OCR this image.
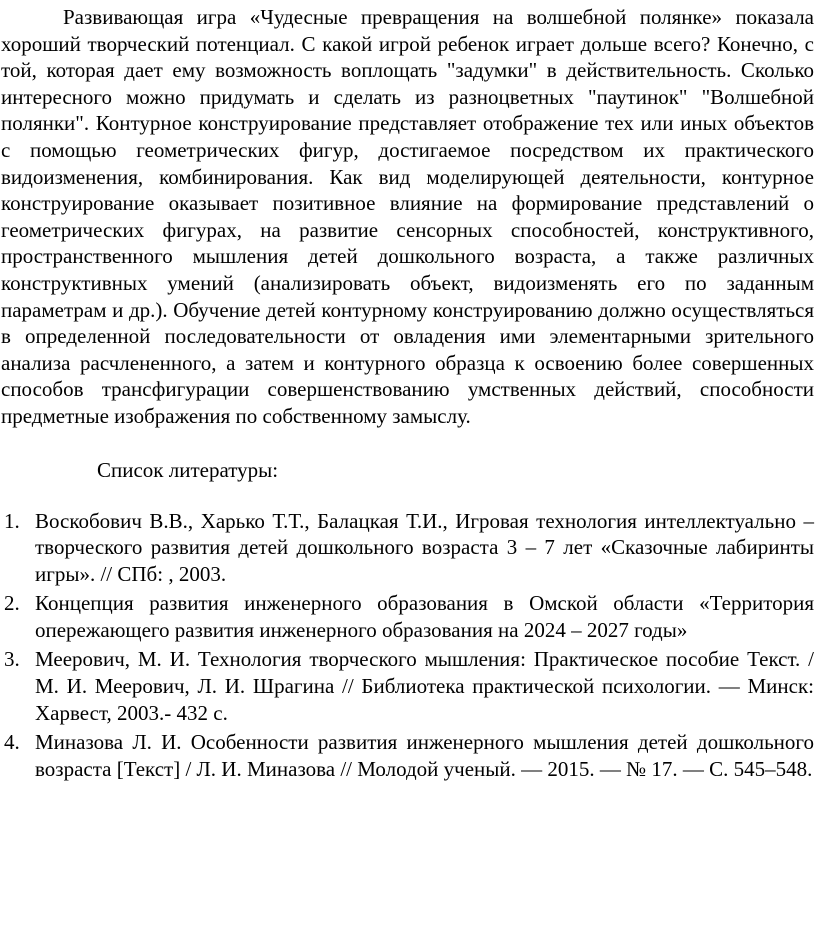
Развивающая игра «Чудесные превращения на волшебной полянке» показала хороший творческий потенциал. С какой игрой ребенок играет дольше всего? Конечно, с той, которая дает ему возможность воплощать "задумки" в действительность. Сколько интересного можно придумать и сделать из разноцветных "паутинок" "Волшебной полянки". Контурное конструирование представляет отображение тех или иных объектов с помощью геометрических фигур, достигаемое посредством их практического видоизменения, комбинирования. Как вид моделирующей деятельности, контурное конструирование оказывает позитивное влияние на формирование представлений о геометрических фигурах, на развитие сенсорных способностей, конструктивного, пространственного мышления детей дошкольного возраста, а также различных конструктивных умений (анализировать объект, видоизменять его по заданным параметрам и др.). Обучение детей контурному конструированию должно осуществляться в определенной последовательности от овладения ими элементарными зрительного анализа расчлененного, а затем и контурного образца к освоению более совершенных способов трансфигурации совершенствованию умственных действий, способности предметные изображения по собственному замыслу.

Список литературы:

1. Воскобович В.В., Харько Т.Т., Балацкая Т.И., Игровая технология интеллектуально – творческого развития детей дошкольного возраста 3 – 7 лет «Сказочные лабиринты игры». // СПб: , 2003.
2. Концепция развития инженерного образования в Омской области «Территория опережающего развития инженерного образования на 2024 – 2027 годы»
3. Меерович, М. И. Технология творческого мышления: Практическое пособие Текст. / М. И. Меерович, Л. И. Шрагина // Библиотека практической психологии. — Минск: Харвест, 2003.- 432 с.
4. Миназова Л. И. Особенности развития инженерного мышления детей дошкольного возраста [Текст] / Л. И. Миназова // Молодой ученый. — 2015. — № 17. — С. 545–548.
